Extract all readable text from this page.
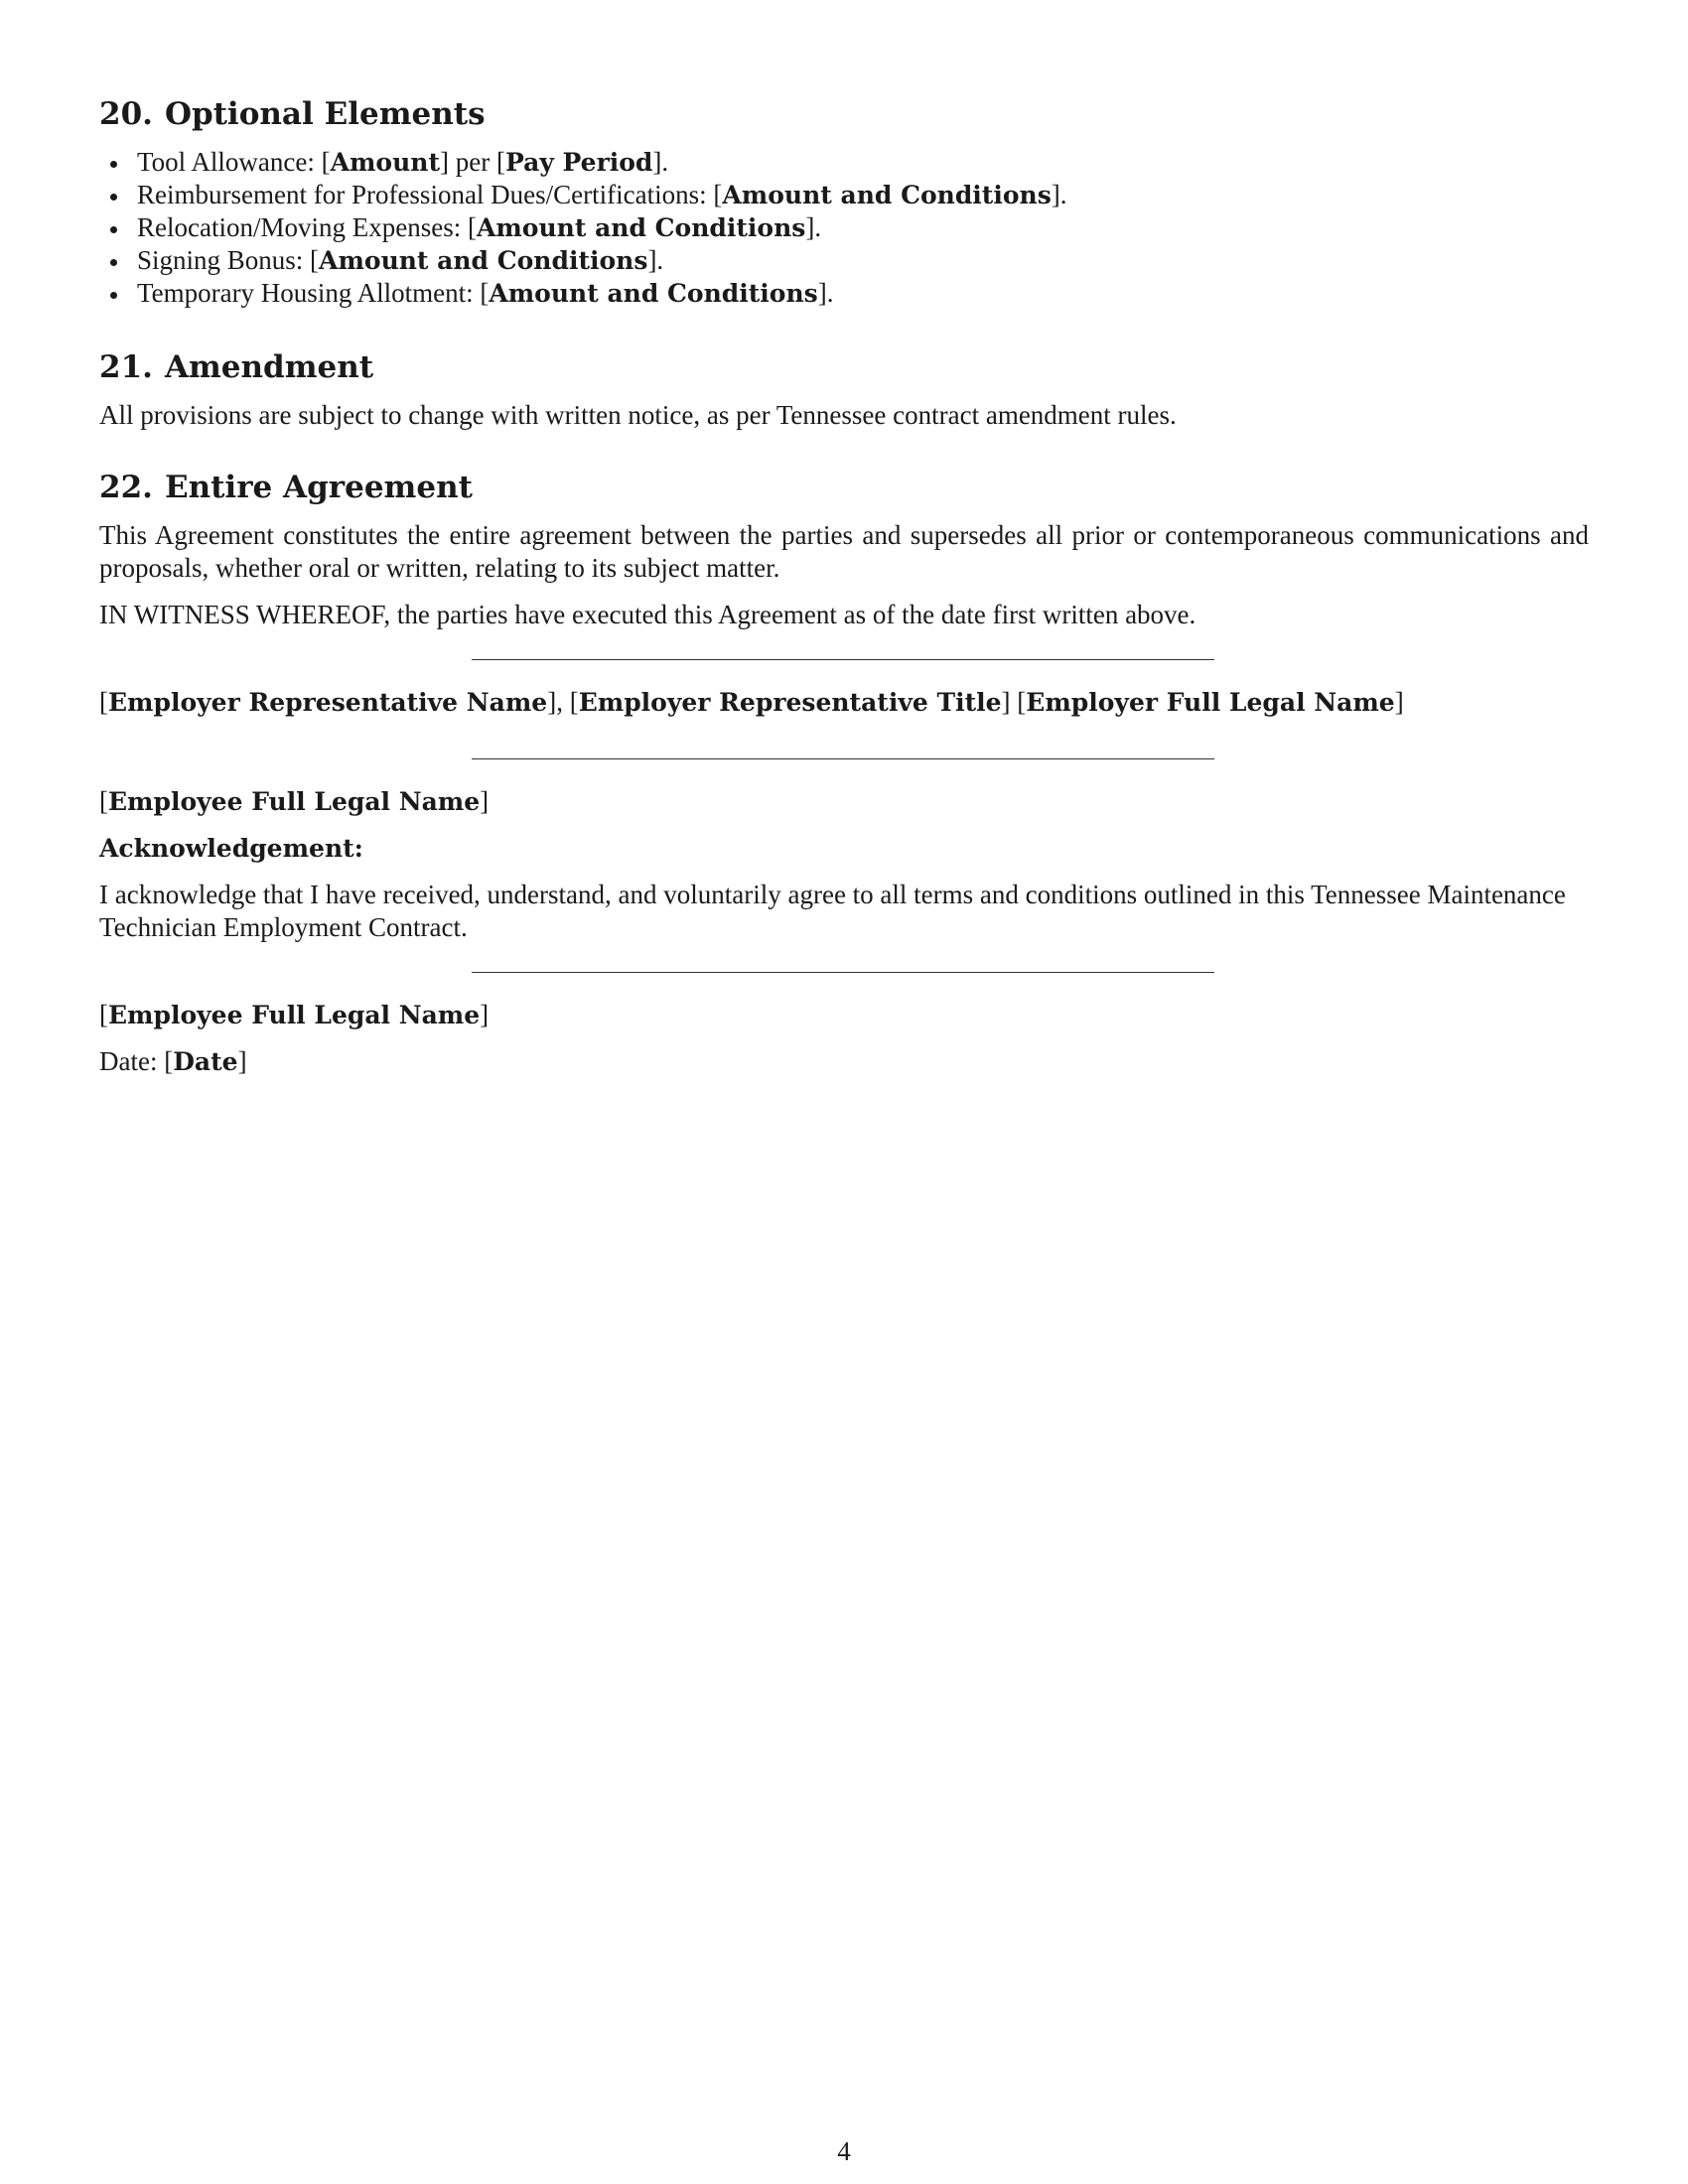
20. Optional Elements
Tool Allowance: [Amount] per [Pay Period].
Reimbursement for Professional Dues/Certifications: [Amount and Conditions].
Relocation/Moving Expenses: [Amount and Conditions].
Signing Bonus: [Amount and Conditions].
Temporary Housing Allotment: [Amount and Conditions].
21. Amendment

All provisions are subject to change with written notice, as per Tennessee contract amendment rules.

22. Entire Agreement

This Agreement constitutes the entire agreement between the parties and supersedes all prior or contemporaneous communications and proposals, whether oral or written, relating to its subject matter.

IN WITNESS WHEREOF, the parties have executed this Agreement as of the date first written above.

[Employer Representative Name], [Employer Representative Title] [Employer Full Legal Name]
[Employee Full Legal Name]
Acknowledgement:

I acknowledge that I have received, understand, and voluntarily agree to all terms and conditions outlined in this Tennessee Maintenance Technician Employment Contract.

[Employee Full Legal Name]

Date: [Date]

4
